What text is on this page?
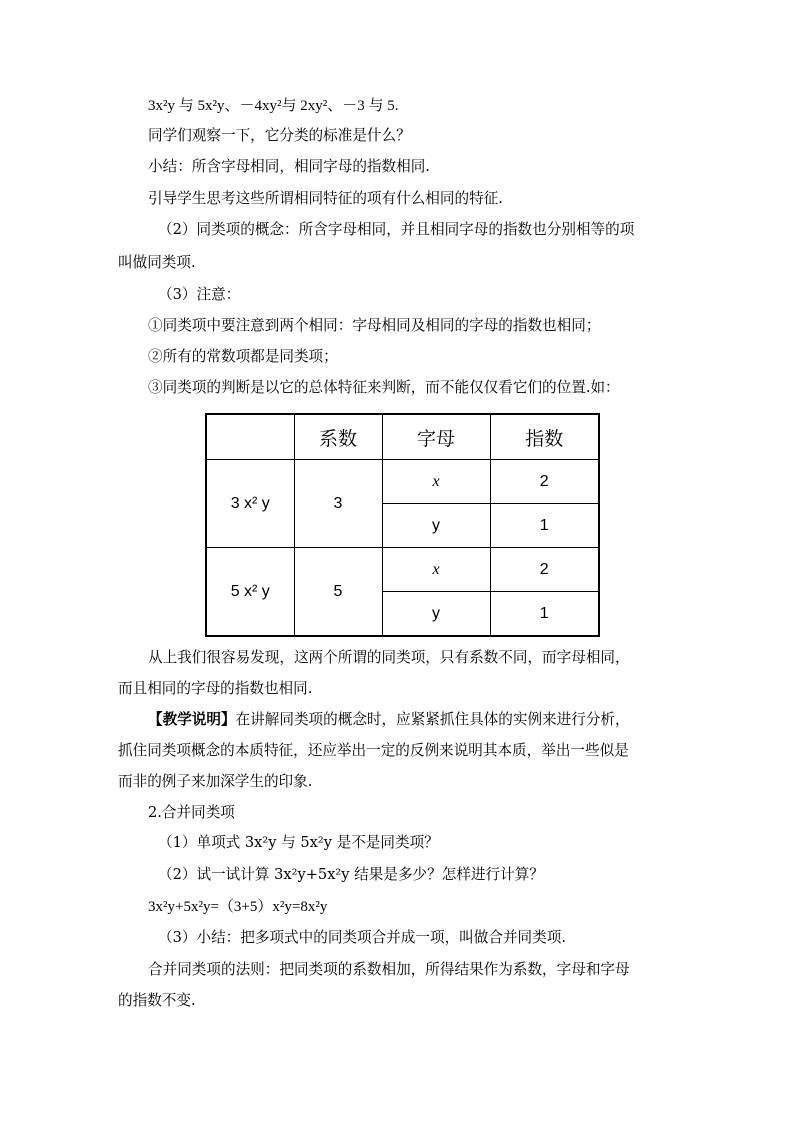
3x²y 与 5x²y、－4xy²与 2xy²、－3 与 5.
同学们观察一下，它分类的标准是什么？
小结：所含字母相同，相同字母的指数相同.
引导学生思考这些所谓相同特征的项有什么相同的特征.
（2）同类项的概念：所含字母相同，并且相同字母的指数也分别相等的项
叫做同类项.
（3）注意：
①同类项中要注意到两个相同：字母相同及相同的字母的指数也相同；
②所有的常数项都是同类项；
③同类项的判断是以它的总体特征来判断，而不能仅仅看它们的位置.如：
	系数	字母	指数
3 x² y	3	x	2
		y	1
5 x² y	5	x	2
		y	1
从上我们很容易发现，这两个所谓的同类项，只有系数不同，而字母相同，
而且相同的字母的指数也相同.
【教学说明】在讲解同类项的概念时，应紧紧抓住具体的实例来进行分析，
抓住同类项概念的本质特征，还应举出一定的反例来说明其本质，举出一些似是
而非的例子来加深学生的印象.
2.合并同类项
（1）单项式 3x²y 与 5x²y 是不是同类项？
（2）试一试计算 3x²y+5x²y 结果是多少？怎样进行计算？
3x²y+5x²y=（3+5）x²y=8x²y
（3）小结：把多项式中的同类项合并成一项，叫做合并同类项.
合并同类项的法则：把同类项的系数相加，所得结果作为系数，字母和字母
的指数不变.
